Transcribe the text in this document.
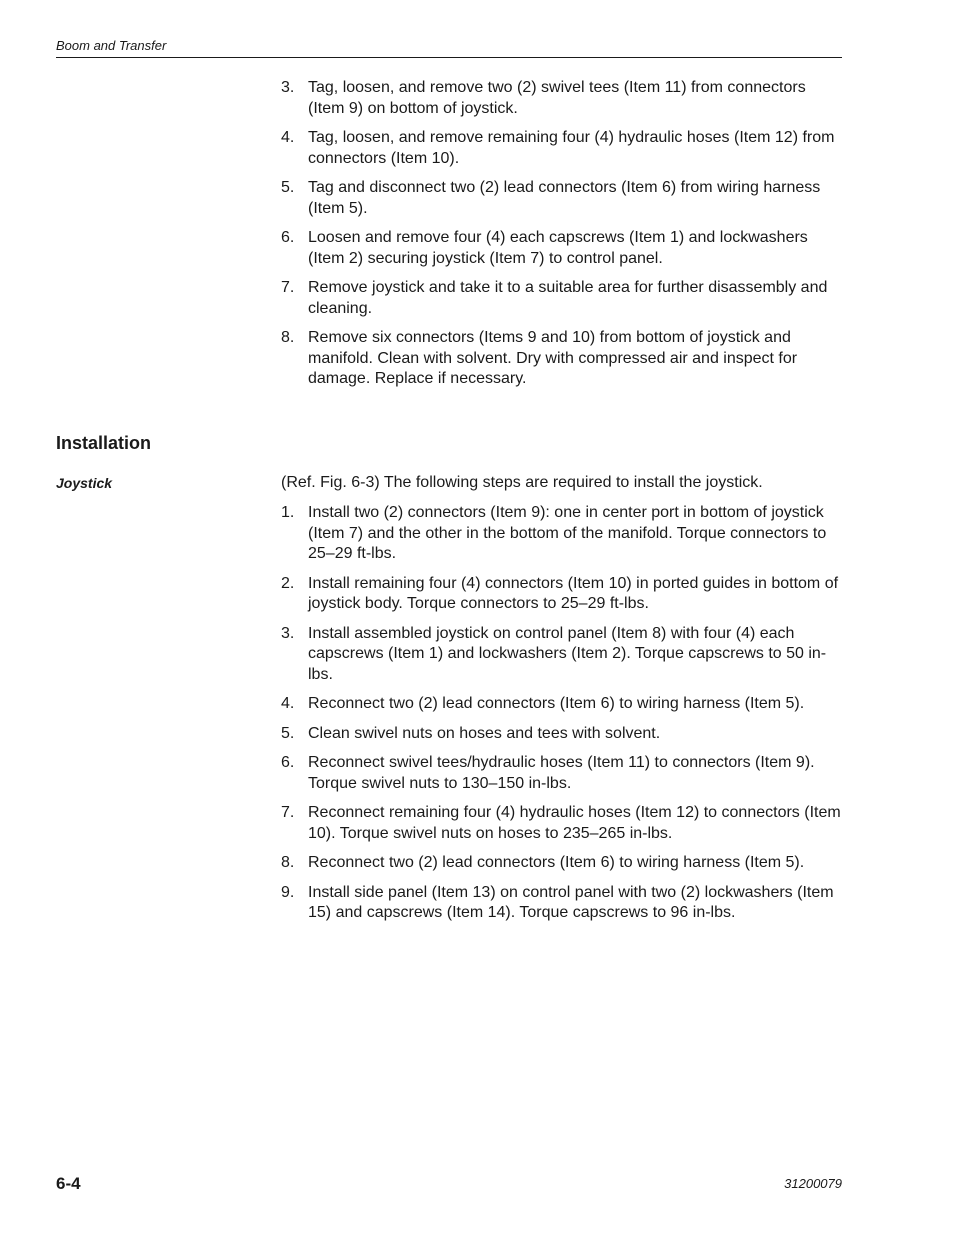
Boom and Transfer
3. Tag, loosen, and remove two (2) swivel tees (Item 11) from connectors (Item 9) on bottom of joystick.
4. Tag, loosen, and remove remaining four (4) hydraulic hoses (Item 12) from connectors (Item 10).
5. Tag and disconnect two (2) lead connectors (Item 6) from wiring harness (Item 5).
6. Loosen and remove four (4) each capscrews (Item 1) and lockwashers (Item 2) securing joystick (Item 7) to control panel.
7. Remove joystick and take it to a suitable area for further disassembly and cleaning.
8. Remove six connectors (Items 9 and 10) from bottom of joystick and manifold. Clean with solvent. Dry with compressed air and inspect for damage. Replace if necessary.
Installation
Joystick	(Ref. Fig. 6-3) The following steps are required to install the joystick.

1. Install two (2) connectors (Item 9): one in center port in bottom of joystick (Item 7) and the other in the bottom of the manifold. Torque connectors to 25–29 ft-lbs.
2. Install remaining four (4) connectors (Item 10) in ported guides in bottom of joystick body. Torque connectors to 25–29 ft-lbs.
3. Install assembled joystick on control panel (Item 8) with four (4) each capscrews (Item 1) and lockwashers (Item 2). Torque capscrews to 50 in-lbs.
4. Reconnect two (2) lead connectors (Item 6) to wiring harness (Item 5).
5. Clean swivel nuts on hoses and tees with solvent.
6. Reconnect swivel tees/hydraulic hoses (Item 11) to connectors (Item 9). Torque swivel nuts to 130–150 in-lbs.
7. Reconnect remaining four (4) hydraulic hoses (Item 12) to connectors (Item 10). Torque swivel nuts on hoses to 235–265 in-lbs.
8. Reconnect two (2) lead connectors (Item 6) to wiring harness (Item 5).
9. Install side panel (Item 13) on control panel with two (2) lockwashers (Item 15) and capscrews (Item 14). Torque capscrews to 96 in-lbs.
6-4	31200079
